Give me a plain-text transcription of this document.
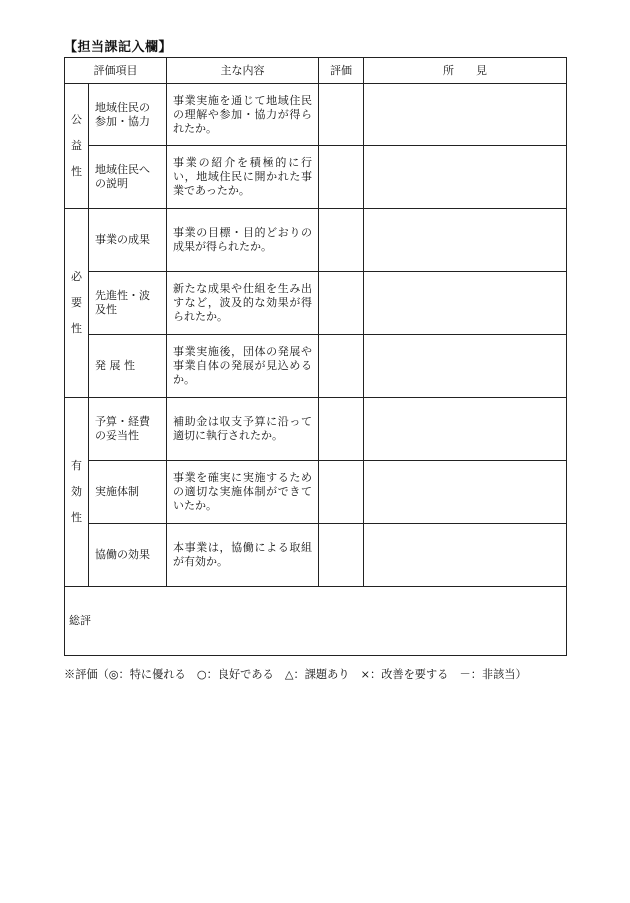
【担当課記入欄】
評価項目		主な内容	評価	所　　見

公
益
性	地域住民の参加・協力	事業実施を通じて地域住民の理解や参加・協力が得られたか。		
	地域住民への説明	事業の紹介を積極的に行い，地域住民に開かれた事業であったか。		

必
要
性	事業の成果	事業の目標・目的どおりの成果が得られたか。		
	先進性・波及性	新たな成果や仕組を生み出すなど，波及的な効果が得られたか。		
	発 展 性	事業実施後，団体の発展や事業自体の発展が見込めるか。		

有
効
性	予算・経費の妥当性	補助金は収支予算に沿って適切に執行されたか。		
	実施体制	事業を確実に実施するための適切な実施体制ができていたか。		
	協働の効果	本事業は，協働による取組が有効か。		
総評				
※評価（◎：特に優れる　○：良好である　△：課題あり　×：改善を要する　－：非該当）
